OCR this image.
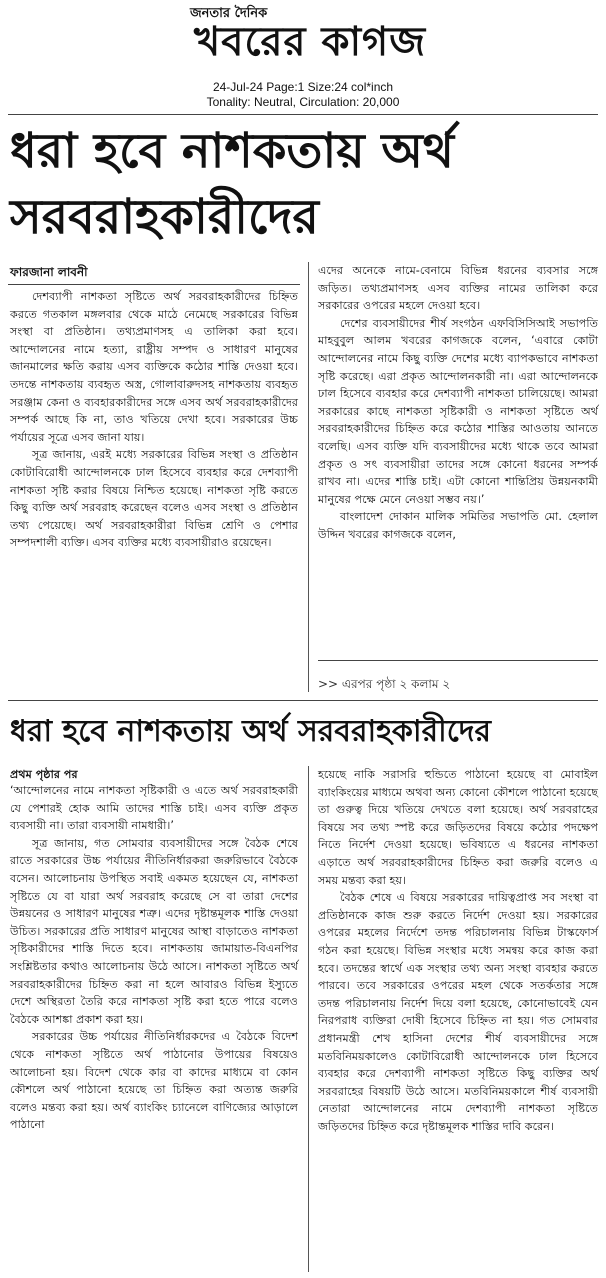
জনতার দৈনিক
খবরের কাগজ
24-Jul-24 Page:1 Size:24 col*inch
Tonality: Neutral, Circulation: 20,000
ধরা হবে নাশকতায় অর্থ
সরবরাহকারীদের
ফারজানা লাবনী

দেশব্যাপী নাশকতা সৃষ্টিতে অর্থ সরবরাহকারীদের চিহ্নিত করতে গতকাল মঙ্গলবার থেকে মাঠে নেমেছে সরকারের বিভিন্ন সংস্থা বা প্রতিষ্ঠান। তথ্যপ্রমাণসহ এ তালিকা করা হবে। আন্দোলনের নামে হত্যা, রাষ্ট্রীয় সম্পদ ও সাধারণ মানুষের জানমালের ক্ষতি করায় এসব ব্যক্তিকে কঠোর শাস্তি দেওয়া হবে। তদন্তে নাশকতায় ব্যবহৃত অস্ত্র, গোলাবারুদসহ নাশকতায় ব্যবহৃত সরঞ্জাম কেনা ও ব্যবহারকারীদের সঙ্গে এসব অর্থ সরবরাহকারীদের সম্পর্ক আছে কি না, তাও খতিয়ে দেখা হবে। সরকারের উচ্চ পর্যায়ের সূত্রে এসব জানা যায়।

সূত্র জানায়, এরই মধ্যে সরকারের বিভিন্ন সংস্থা ও প্রতিষ্ঠান কোটাবিরোধী আন্দোলনকে ঢাল হিসেবে ব্যবহার করে দেশব্যাপী নাশকতা সৃষ্টি করার বিষয়ে নিশ্চিত হয়েছে। নাশকতা সৃষ্টি করতে কিছু ব্যক্তি অর্থ সরবরাহ করেছেন বলেও এসব সংস্থা ও প্রতিষ্ঠান তথ্য পেয়েছে। অর্থ সরবরাহকারীরা বিভিন্ন শ্রেণি ও পেশার সম্পদশালী ব্যক্তি। এসব ব্যক্তির মধ্যে ব্যবসায়ীরাও রয়েছেন।

এদের অনেকে নামে-বেনামে বিভিন্ন ধরনের ব্যবসার সঙ্গে জড়িত। তথ্যপ্রমাণসহ এসব ব্যক্তির নামের তালিকা করে সরকারের ওপরের মহলে দেওয়া হবে।

দেশের ব্যবসায়ীদের শীর্ষ সংগঠন এফবিসিসিআই সভাপতি মাহবুবুল আলম খবরের কাগজকে বলেন, ‘এবারে কোটা আন্দোলনের নামে কিছু ব্যক্তি দেশের মধ্যে ব্যাপকভাবে নাশকতা সৃষ্টি করেছে। এরা প্রকৃত আন্দোলনকারী না। এরা আন্দোলনকে ঢাল হিসেবে ব্যবহার করে দেশব্যাপী নাশকতা চালিয়েছে। আমরা সরকারের কাছে নাশকতা সৃষ্টিকারী ও নাশকতা সৃষ্টিতে অর্থ সরবরাহকারীদের চিহ্নিত করে কঠোর শাস্তির আওতায় আনতে বলেছি। এসব ব্যক্তি যদি ব্যবসায়ীদের মধ্যে থাকে তবে আমরা প্রকৃত ও সৎ ব্যবসায়ীরা তাদের সঙ্গে কোনো ধরনের সম্পর্ক রাখব না। এদের শাস্তি চাই। এটা কোনো শান্তিপ্রিয় উন্নয়নকামী মানুষের পক্ষে মেনে নেওয়া সম্ভব নয়।’

বাংলাদেশ দোকান মালিক সমিতির সভাপতি মো. হেলাল উদ্দিন খবরের কাগজকে বলেন,

>> এরপর পৃষ্ঠা ২ কলাম ২
ধরা হবে নাশকতায় অর্থ সরবরাহকারীদের
প্রথম পৃষ্ঠার পর

‘আন্দোলনের নামে নাশকতা সৃষ্টিকারী ও এতে অর্থ সরবরাহকারী যে পেশারই হোক আমি তাদের শাস্তি চাই। এসব ব্যক্তি প্রকৃত ব্যবসায়ী না। তারা ব্যবসায়ী নামধারী।’

সূত্র জানায়, গত সোমবার ব্যবসায়ীদের সঙ্গে বৈঠক শেষে রাতে সরকারের উচ্চ পর্যায়ের নীতিনির্ধারকরা জরুরিভাবে বৈঠকে বসেন। আলোচনায় উপস্থিত সবাই একমত হয়েছেন যে, নাশকতা সৃষ্টিতে যে বা যারা অর্থ সরবরাহ করেছে সে বা তারা দেশের উন্নয়নের ও সাধারণ মানুষের শত্রু। এদের দৃষ্টান্তমূলক শাস্তি দেওয়া উচিত। সরকারের প্রতি সাধারণ মানুষের আস্থা বাড়াতেও নাশকতা সৃষ্টিকারীদের শাস্তি দিতে হবে। নাশকতায় জামায়াত-বিএনপির সংশ্লিষ্টতার কথাও আলোচনায় উঠে আসে। নাশকতা সৃষ্টিতে অর্থ সরবরাহকারীদের চিহ্নিত করা না হলে আবারও বিভিন্ন ইস্যুতে দেশে অস্থিরতা তৈরি করে নাশকতা সৃষ্টি করা হতে পারে বলেও বৈঠকে আশঙ্কা প্রকাশ করা হয়।

সরকারের উচ্চ পর্যায়ের নীতিনির্ধারকদের এ বৈঠকে বিদেশ থেকে নাশকতা সৃষ্টিতে অর্থ পাঠানোর উপায়ের বিষয়েও আলোচনা হয়। বিদেশ থেকে কার বা কাদের মাধ্যমে বা কোন কৌশলে অর্থ পাঠানো হয়েছে তা চিহ্নিত করা অত্যন্ত জরুরি বলেও মন্তব্য করা হয়। অর্থ ব্যাংকিং চ্যানেলে বাণিজ্যের আড়ালে পাঠানো

হয়েছে নাকি সরাসরি হুন্ডিতে পাঠানো হয়েছে বা মোবাইল ব্যাংকিংয়ের মাধ্যমে অথবা অন্য কোনো কৌশলে পাঠানো হয়েছে তা গুরুত্ব দিয়ে খতিয়ে দেখতে বলা হয়েছে। অর্থ সরবরাহের বিষয়ে সব তথ্য স্পষ্ট করে জড়িতদের বিষয়ে কঠোর পদক্ষেপ নিতে নির্দেশ দেওয়া হয়েছে। ভবিষ্যতে এ ধরনের নাশকতা এড়াতে অর্থ সরবরাহকারীদের চিহ্নিত করা জরুরি বলেও এ সময় মন্তব্য করা হয়।

বৈঠক শেষে এ বিষয়ে সরকারের দায়িত্বপ্রাপ্ত সব সংস্থা বা প্রতিষ্ঠানকে কাজ শুরু করতে নির্দেশ দেওয়া হয়। সরকারের ওপরের মহলের নির্দেশে তদন্ত পরিচালনায় বিভিন্ন টাস্কফোর্স গঠন করা হয়েছে। বিভিন্ন সংস্থার মধ্যে সমন্বয় করে কাজ করা হবে। তদন্তের স্বার্থে এক সংস্থার তথ্য অন্য সংস্থা ব্যবহার করতে পারবে। তবে সরকারের ওপরের মহল থেকে সতর্কতার সঙ্গে তদন্ত পরিচালনায় নির্দেশ দিয়ে বলা হয়েছে, কোনোভাবেই যেন নিরপরাধ ব্যক্তিরা দোষী হিসেবে চিহ্নিত না হয়। গত সোমবার প্রধানমন্ত্রী শেখ হাসিনা দেশের শীর্ষ ব্যবসায়ীদের সঙ্গে মতবিনিময়কালেও কোটাবিরোধী আন্দোলনকে ঢাল হিসেবে ব্যবহার করে দেশব্যাপী নাশকতা সৃষ্টিতে কিছু ব্যক্তির অর্থ সরবরাহের বিষয়টি উঠে আসে। মতবিনিময়কালে শীর্ষ ব্যবসায়ী নেতারা আন্দোলনের নামে দেশব্যাপী নাশকতা সৃষ্টিতে জড়িতদের চিহ্নিত করে দৃষ্টান্তমূলক শাস্তির দাবি করেন।
